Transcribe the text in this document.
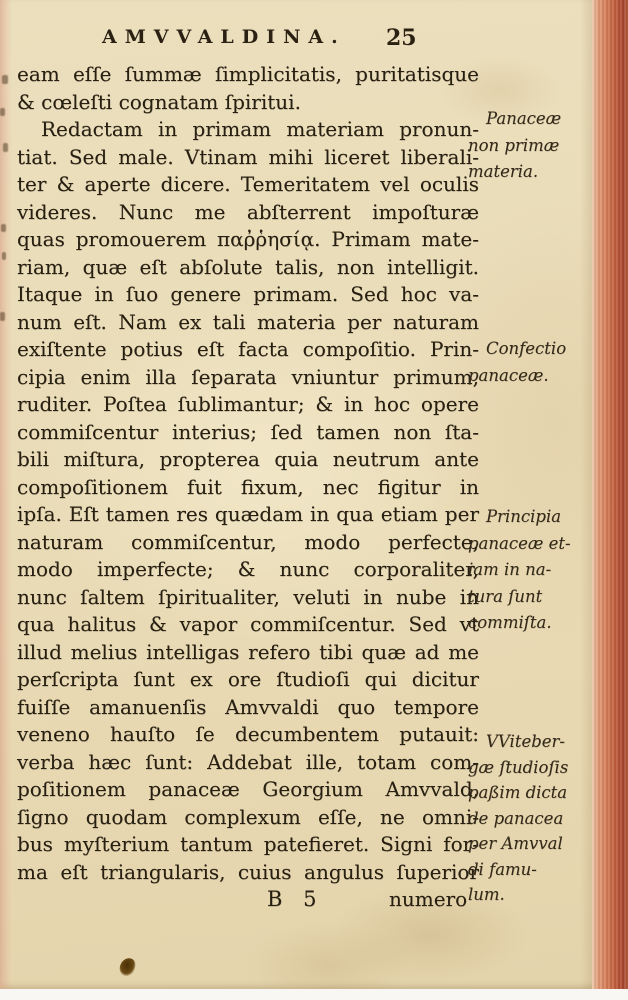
AMVVALDINA. 25
eam eſſe ſummæ ſimplicitatis, puritatisque
& cœleſti cognatam ſpiritui.
Redactam in primam materiam pronun-
tiat. Sed male. Vtinam mihi liceret liberali-
ter & aperte dicere. Temeritatem vel oculis
videres. Nunc me abſterrent impoſturæ
quas promouerem παῤῥησίᾳ. Primam mate-
riam, quæ eſt abſolute talis, non intelligit.
Itaque in ſuo genere primam. Sed hoc va-
num eſt. Nam ex tali materia per naturam
exiſtente potius eſt facta compoſitio. Prin-
cipia enim illa ſeparata vniuntur primum,
ruditer. Poſtea ſublimantur; & in hoc opere
commiſcentur interius; ſed tamen non ſta-
bili miſtura, propterea quia neutrum ante
compoſitionem fuit fixum, nec figitur in
ipſa. Eſt tamen res quædam in qua etiam per
naturam commiſcentur, modo perfecte,
modo imperfecte; & nunc corporaliter,
nunc ſaltem ſpiritualiter, veluti in nube in
qua halitus & vapor commiſcentur. Sed vt
illud melius intelligas refero tibi quæ ad me
perſcripta ſunt ex ore ſtudioſi qui dicitur
fuiſſe amanuenſis Amvvaldi quo tempore
veneno hauſto ſe decumbentem putauit:
verba hæc ſunt: Addebat ille, totam com-
poſitionem panaceæ Georgium Amvvald,
ſigno quodam complexum eſſe, ne omni-
bus myſterium tantum patefieret. Signi for-
ma eſt triangularis, cuius angulus ſuperior
B 5	numero
Panaceæ
non primæ
materia.
Confectio
panaceæ.
Principia
panaceæ et-
iam in na-
tura ſunt
commiſta.
VViteber-
gæ ſtudioſis
paßim dicta
de panacea
per Amvval
di famu-
lum.
